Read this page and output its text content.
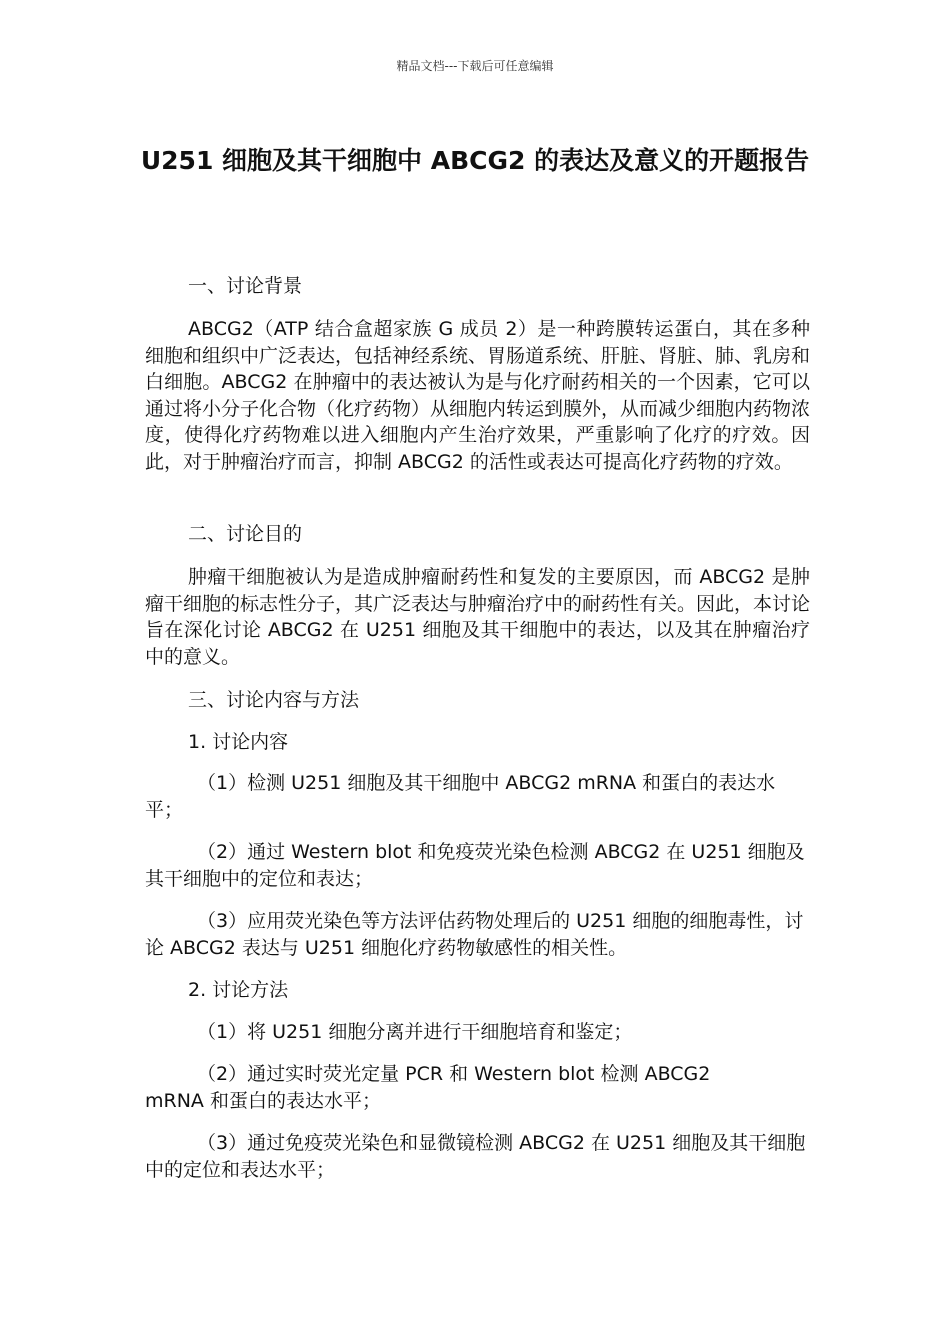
精品文档---下载后可任意编辑
U251 细胞及其干细胞中 ABCG2 的表达及意义的开题报告
一、讨论背景
ABCG2（ATP 结合盒超家族 G 成员 2）是一种跨膜转运蛋白，其在多种细胞和组织中广泛表达，包括神经系统、胃肠道系统、肝脏、肾脏、肺、乳房和白细胞。ABCG2 在肿瘤中的表达被认为是与化疗耐药相关的一个因素，它可以通过将小分子化合物（化疗药物）从细胞内转运到膜外，从而减少细胞内药物浓度，使得化疗药物难以进入细胞内产生治疗效果，严重影响了化疗的疗效。因此，对于肿瘤治疗而言，抑制 ABCG2 的活性或表达可提高化疗药物的疗效。
二、讨论目的
肿瘤干细胞被认为是造成肿瘤耐药性和复发的主要原因，而 ABCG2 是肿瘤干细胞的标志性分子，其广泛表达与肿瘤治疗中的耐药性有关。因此，本讨论旨在深化讨论 ABCG2 在 U251 细胞及其干细胞中的表达，以及其在肿瘤治疗中的意义。
三、讨论内容与方法
1. 讨论内容
（1）检测 U251 细胞及其干细胞中 ABCG2 mRNA 和蛋白的表达水平；
（2）通过 Western blot 和免疫荧光染色检测 ABCG2 在 U251 细胞及其干细胞中的定位和表达；
（3）应用荧光染色等方法评估药物处理后的 U251 细胞的细胞毒性，讨论 ABCG2 表达与 U251 细胞化疗药物敏感性的相关性。
2. 讨论方法
（1）将 U251 细胞分离并进行干细胞培育和鉴定；
（2）通过实时荧光定量 PCR 和 Western blot 检测 ABCG2 mRNA 和蛋白的表达水平；
（3）通过免疫荧光染色和显微镜检测 ABCG2 在 U251 细胞及其干细胞中的定位和表达水平；
